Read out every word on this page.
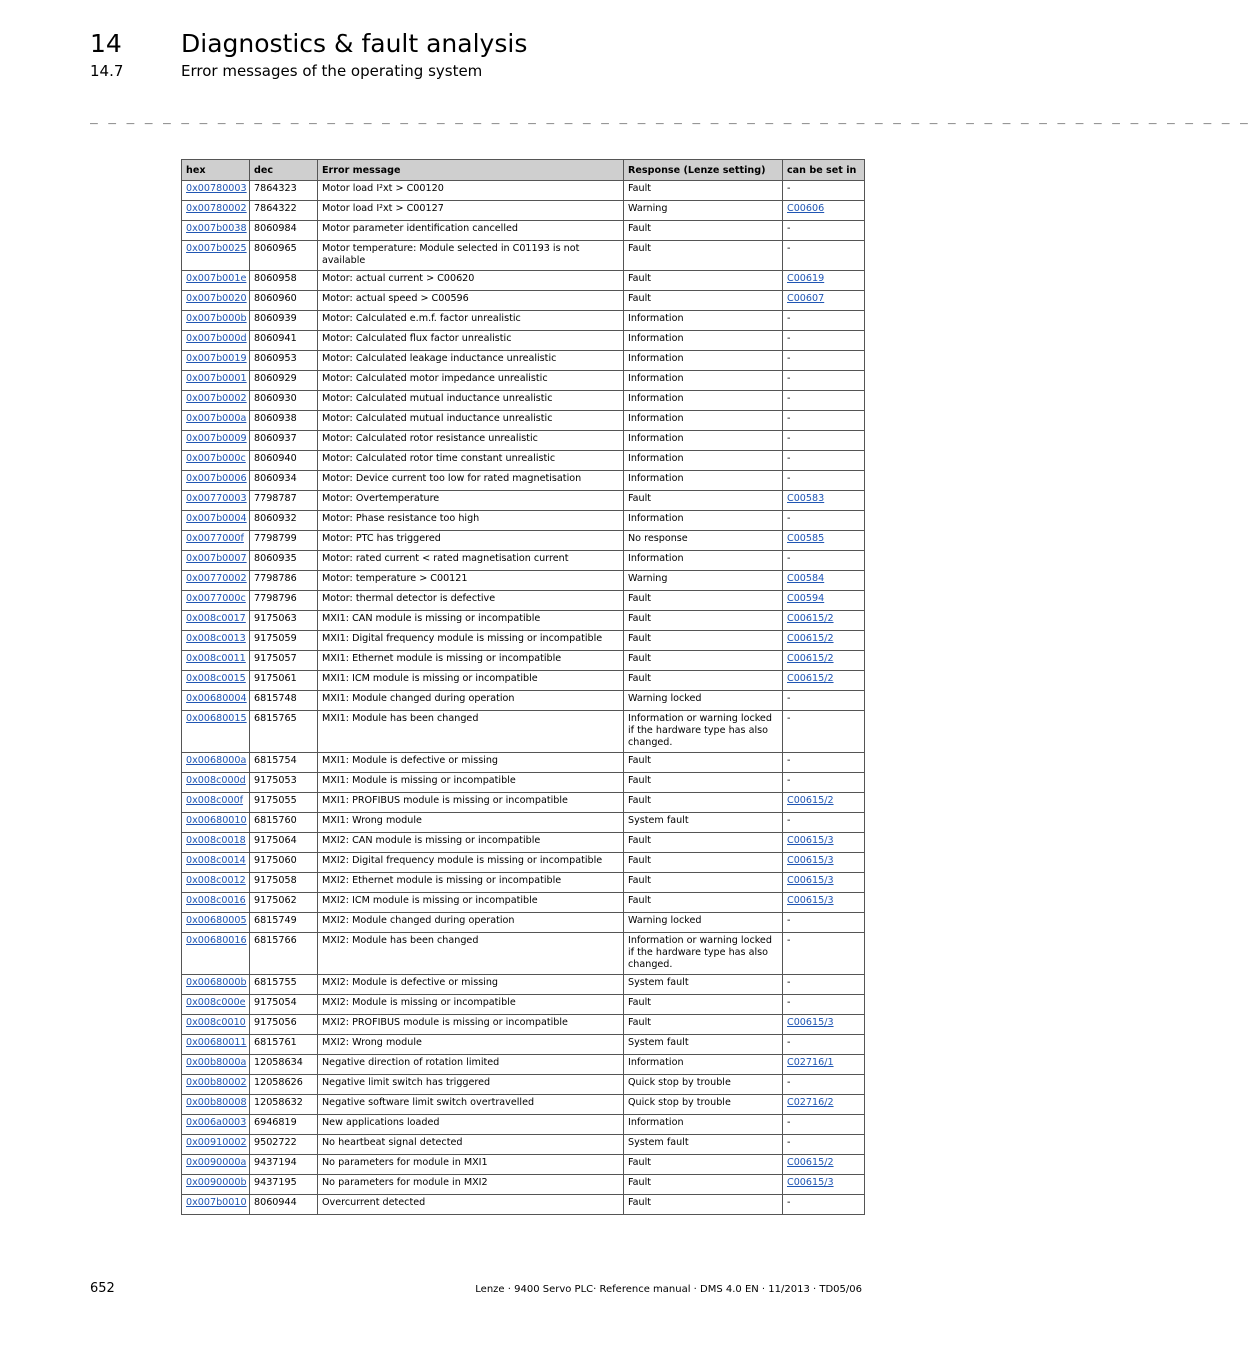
14 Diagnostics & fault analysis
14.7	Error messages of the operating system
_ _ _ _ _ _ _ _ _ _ _ _ _ _ _ _ _ _ _ _ _ _ _ _ _ _ _ _ _ _ _ _ _ _ _ _ _ _ _ _ _ _ _ _ _ _ _ _ _ _ _ _ _ _ _ _ _ _ _ _ _ _ _ _
hex	dec	Error message	Response (Lenze setting)	can be set in
0x00780003	7864323	Motor load I²xt > C00120	Fault	-
0x00780002	7864322	Motor load I²xt > C00127	Warning	C00606
0x007b0038	8060984	Motor parameter identification cancelled	Fault	-
0x007b0025	8060965	Motor temperature: Module selected in C01193 is not available	Fault	-
0x007b001e	8060958	Motor: actual current > C00620	Fault	C00619
0x007b0020	8060960	Motor: actual speed > C00596	Fault	C00607
0x007b000b	8060939	Motor: Calculated e.m.f. factor unrealistic	Information	-
0x007b000d	8060941	Motor: Calculated flux factor unrealistic	Information	-
0x007b0019	8060953	Motor: Calculated leakage inductance unrealistic	Information	-
0x007b0001	8060929	Motor: Calculated motor impedance unrealistic	Information	-
0x007b0002	8060930	Motor: Calculated mutual inductance unrealistic	Information	-
0x007b000a	8060938	Motor: Calculated mutual inductance unrealistic	Information	-
0x007b0009	8060937	Motor: Calculated rotor resistance unrealistic	Information	-
0x007b000c	8060940	Motor: Calculated rotor time constant unrealistic	Information	-
0x007b0006	8060934	Motor: Device current too low for rated magnetisation	Information	-
0x00770003	7798787	Motor: Overtemperature	Fault	C00583
0x007b0004	8060932	Motor: Phase resistance too high	Information	-
0x0077000f	7798799	Motor: PTC has triggered	No response	C00585
0x007b0007	8060935	Motor: rated current < rated magnetisation current	Information	-
0x00770002	7798786	Motor: temperature > C00121	Warning	C00584
0x0077000c	7798796	Motor: thermal detector is defective	Fault	C00594
0x008c0017	9175063	MXI1: CAN module is missing or incompatible	Fault	C00615/2
0x008c0013	9175059	MXI1: Digital frequency module is missing or incompatible	Fault	C00615/2
0x008c0011	9175057	MXI1: Ethernet module is missing or incompatible	Fault	C00615/2
0x008c0015	9175061	MXI1: ICM module is missing or incompatible	Fault	C00615/2
0x00680004	6815748	MXI1: Module changed during operation	Warning locked	-
0x00680015	6815765	MXI1: Module has been changed	Information or warning locked if the hardware type has also changed.	-
0x0068000a	6815754	MXI1: Module is defective or missing	Fault	-
0x008c000d	9175053	MXI1: Module is missing or incompatible	Fault	-
0x008c000f	9175055	MXI1: PROFIBUS module is missing or incompatible	Fault	C00615/2
0x00680010	6815760	MXI1: Wrong module	System fault	-
0x008c0018	9175064	MXI2: CAN module is missing or incompatible	Fault	C00615/3
0x008c0014	9175060	MXI2: Digital frequency module is missing or incompatible	Fault	C00615/3
0x008c0012	9175058	MXI2: Ethernet module is missing or incompatible	Fault	C00615/3
0x008c0016	9175062	MXI2: ICM module is missing or incompatible	Fault	C00615/3
0x00680005	6815749	MXI2: Module changed during operation	Warning locked	-
0x00680016	6815766	MXI2: Module has been changed	Information or warning locked if the hardware type has also changed.	-
0x0068000b	6815755	MXI2: Module is defective or missing	System fault	-
0x008c000e	9175054	MXI2: Module is missing or incompatible	Fault	-
0x008c0010	9175056	MXI2: PROFIBUS module is missing or incompatible	Fault	C00615/3
0x00680011	6815761	MXI2: Wrong module	System fault	-
0x00b8000a	12058634	Negative direction of rotation limited	Information	C02716/1
0x00b80002	12058626	Negative limit switch has triggered	Quick stop by trouble	-
0x00b80008	12058632	Negative software limit switch overtravelled	Quick stop by trouble	C02716/2
0x006a0003	6946819	New applications loaded	Information	-
0x00910002	9502722	No heartbeat signal detected	System fault	-
0x0090000a	9437194	No parameters for module in MXI1	Fault	C00615/2
0x0090000b	9437195	No parameters for module in MXI2	Fault	C00615/3
0x007b0010	8060944	Overcurrent detected	Fault	-
652	Lenze · 9400 Servo PLC· Reference manual · DMS 4.0 EN · 11/2013 · TD05/06
